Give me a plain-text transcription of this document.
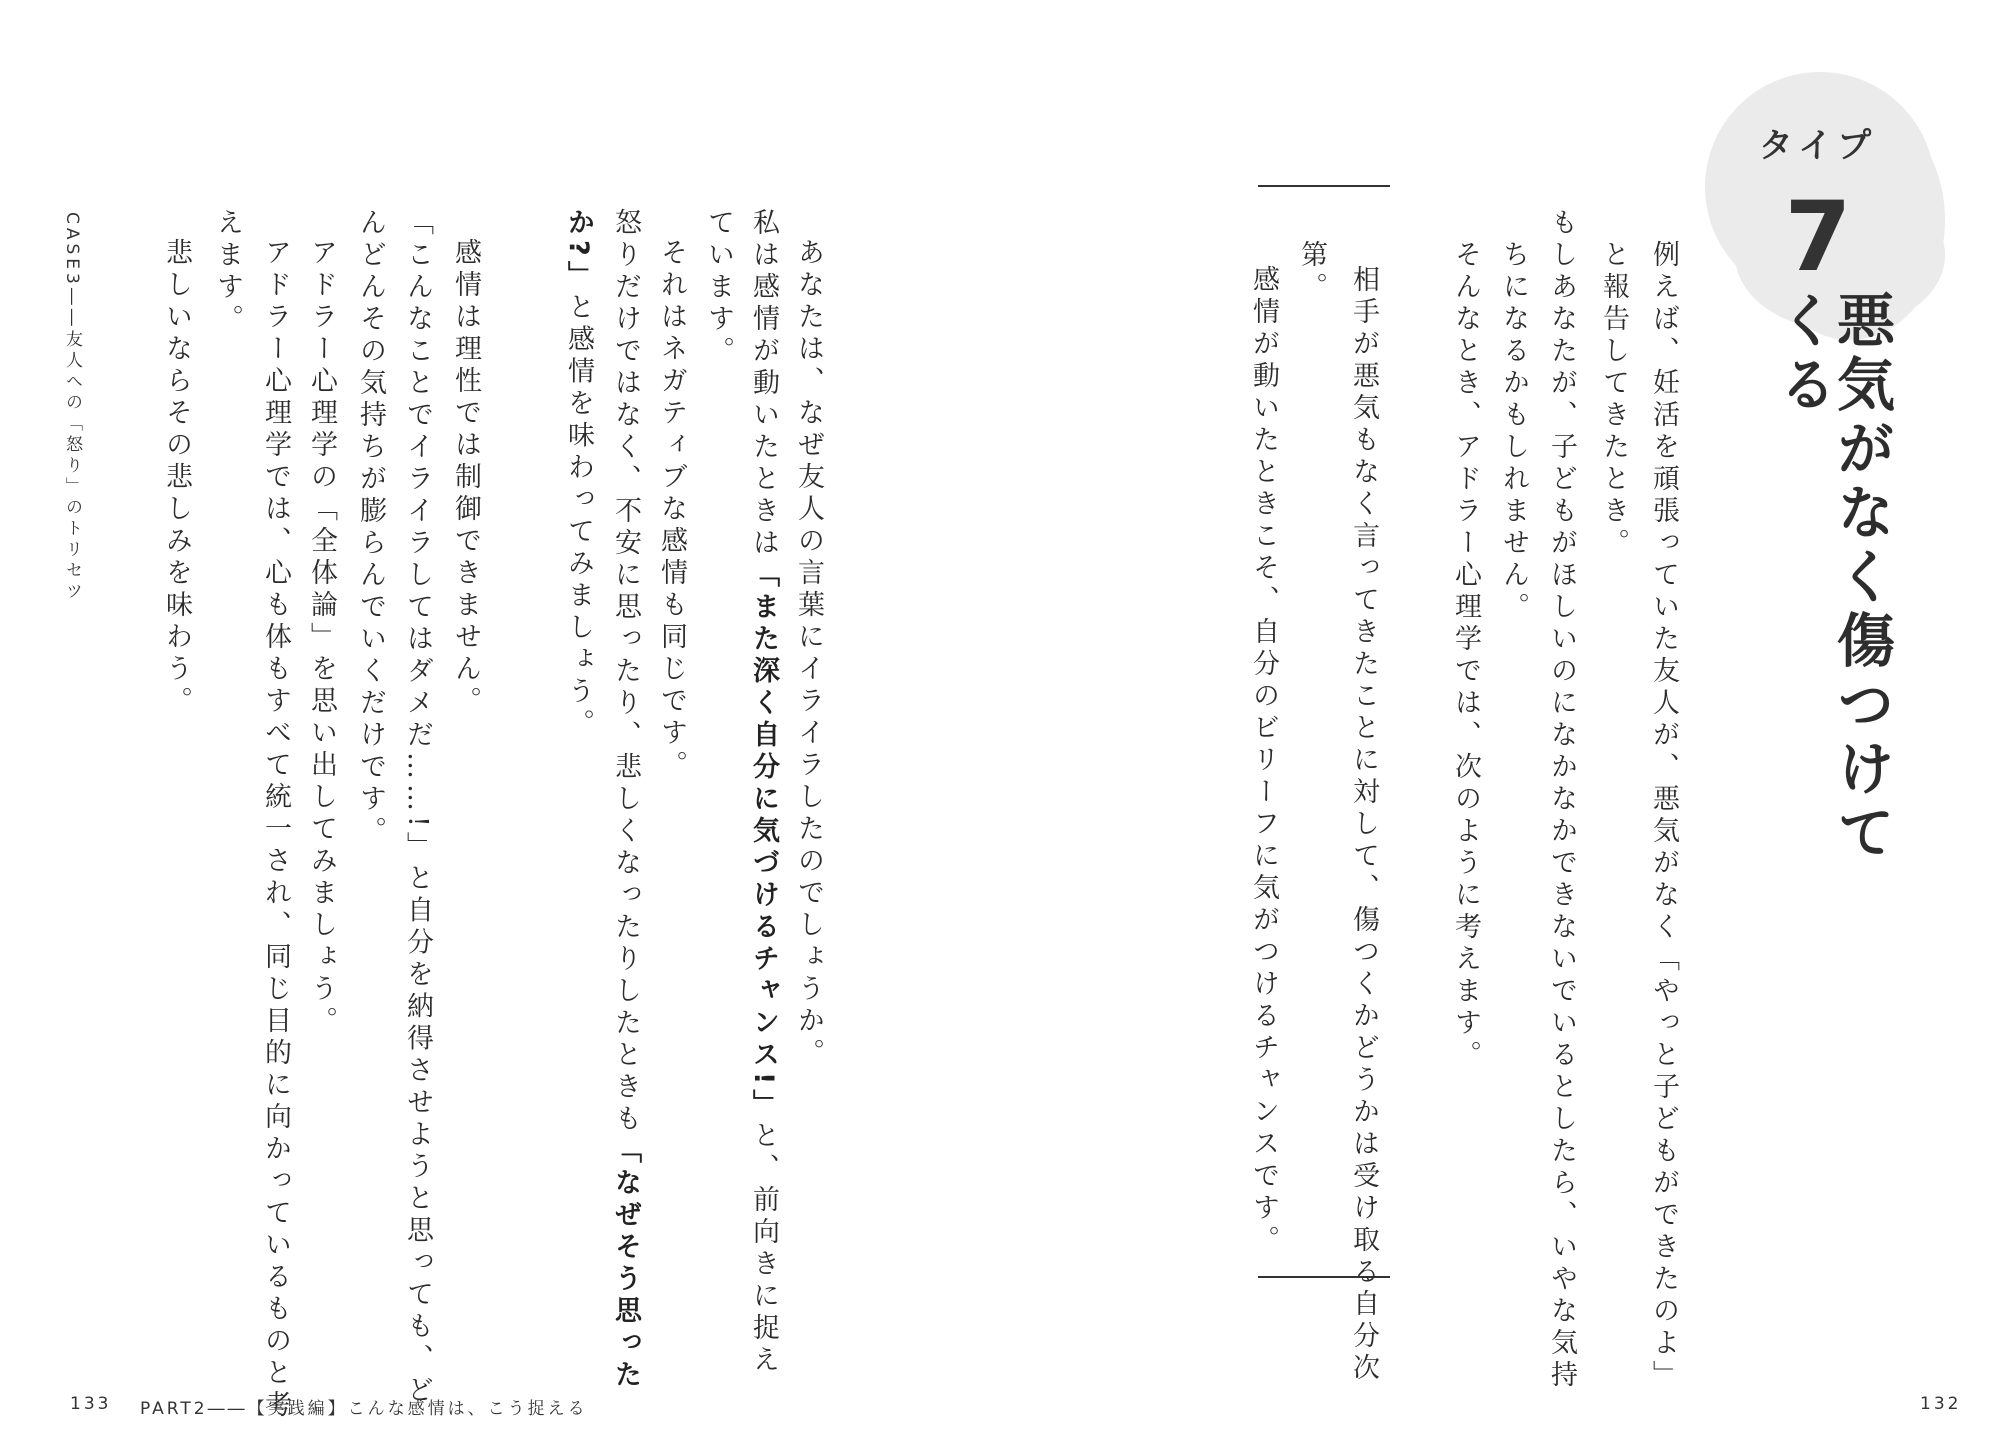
タイプ
7
悪気がなく傷つけてくる
例えば、妊活を頑張っていた友人が、悪気がなく「やっと子どもができたのよ」
と報告してきたとき。
もしあなたが、子どもがほしいのになかなかできないでいるとしたら、いやな気持
ちになるかもしれません。
そんなとき、アドラー心理学では、次のように考えます。
相手が悪気もなく言ってきたことに対して、傷つくかどうかは受け取る自分次
第。
感情が動いたときこそ、自分のビリーフに気がつけるチャンスです。
132
あなたは、なぜ友人の言葉にイライラしたのでしょうか。
私は感情が動いたときは「また深く自分に気づけるチャンス!」と、前向きに捉え
ています。
それはネガティブな感情も同じです。
怒りだけではなく、不安に思ったり、悲しくなったりしたときも「なぜそう思った
か?」と感情を味わってみましょう。
感情は理性では制御できません。
「こんなことでイライラしてはダメだ……!」と自分を納得させようと思っても、ど
んどんその気持ちが膨らんでいくだけです。
アドラー心理学の「全体論」を思い出してみましょう。
アドラー心理学では、心も体もすべて統一され、同じ目的に向かっているものと考
えます。
悲しいならその悲しみを味わう。
CASE3――友人への「怒り」のトリセツ
133 PART2――【実践編】こんな感情は、こう捉える
